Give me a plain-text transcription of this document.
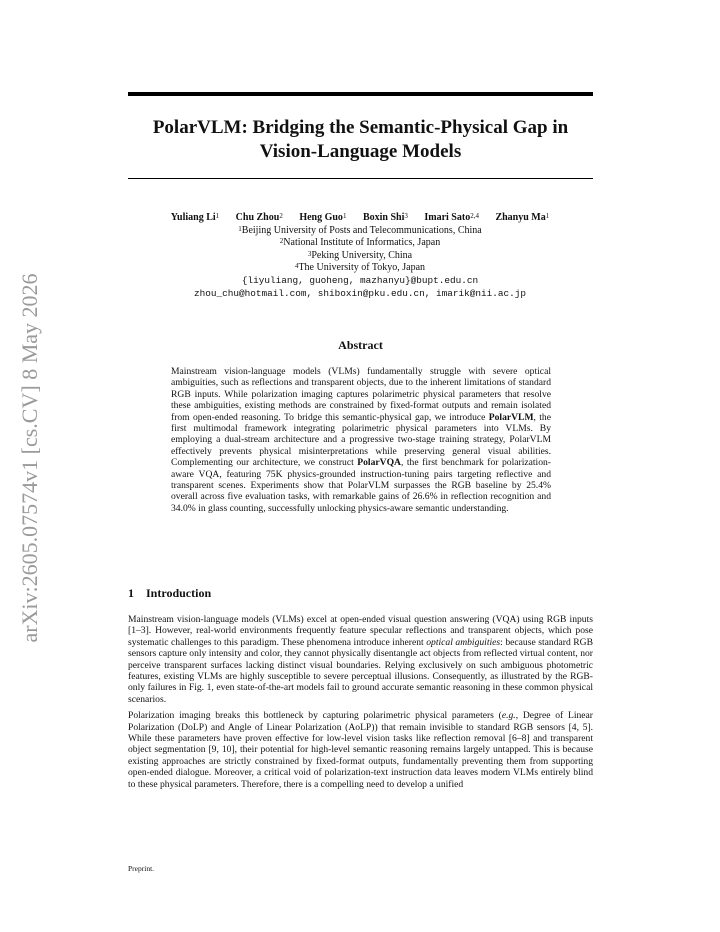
arXiv:2605.07574v1 [cs.CV] 8 May 2026
PolarVLM: Bridging the Semantic-Physical Gap in
Vision-Language Models
Yuliang Li$^1$ Chu Zhou$^2$ Heng Guo$^1$ Boxin Shi$^3$ Imari Sato$^{2,4}$ Zhanyu Ma$^1$
$^1$Beijing University of Posts and Telecommunications, China
$^2$National Institute of Informatics, Japan
$^3$Peking University, China
$^4$The University of Tokyo, Japan
{liyuliang, guoheng, mazhanyu}@bupt.edu.cn
zhou_chu@hotmail.com, shiboxin@pku.edu.cn, imarik@nii.ac.jp
Abstract

Mainstream vision-language models (VLMs) fundamentally struggle with severe optical ambiguities, such as reflections and transparent objects, due to the inherent limitations of standard RGB inputs. While polarization imaging captures polarimetric physical parameters that resolve these ambiguities, existing methods are constrained by fixed-format outputs and remain isolated from open-ended reasoning. To bridge this semantic-physical gap, we introduce PolarVLM, the first multimodal framework integrating polarimetric physical parameters into VLMs. By employing a dual-stream architecture and a progressive two-stage training strategy, PolarVLM effectively prevents physical misinterpretations while preserving general visual abilities. Complementing our architecture, we construct PolarVQA, the first benchmark for polarization-aware VQA, featuring 75K physics-grounded instruction-tuning pairs targeting reflective and transparent scenes. Experiments show that PolarVLM surpasses the RGB baseline by 25.4% overall across five evaluation tasks, with remarkable gains of 26.6% in reflection recognition and 34.0% in glass counting, successfully unlocking physics-aware semantic understanding.

1 Introduction

Mainstream vision-language models (VLMs) excel at open-ended visual question answering (VQA) using RGB inputs [1–3]. However, real-world environments frequently feature specular reflections and transparent objects, which pose systematic challenges to this paradigm. These phenomena introduce inherent optical ambiguities: because standard RGB sensors capture only intensity and color, they cannot physically disentangle act objects from reflected virtual content, nor perceive transparent surfaces lacking distinct visual boundaries. Relying exclusively on such ambiguous photometric features, existing VLMs are highly susceptible to severe perceptual illusions. Consequently, as illustrated by the RGB-only failures in Fig. 1, even state-of-the-art models fail to ground accurate semantic reasoning in these common physical scenarios.

Polarization imaging breaks this bottleneck by capturing polarimetric physical parameters (e.g., Degree of Linear Polarization (DoLP) and Angle of Linear Polarization (AoLP)) that remain invisible to standard RGB sensors [4, 5]. While these parameters have proven effective for low-level vision tasks like reflection removal [6–8] and transparent object segmentation [9, 10], their potential for high-level semantic reasoning remains largely untapped. This is because existing approaches are strictly constrained by fixed-format outputs, fundamentally preventing them from supporting open-ended dialogue. Moreover, a critical void of polarization-text instruction data leaves modern VLMs entirely blind to these physical parameters. Therefore, there is a compelling need to develop a unified

Preprint.
